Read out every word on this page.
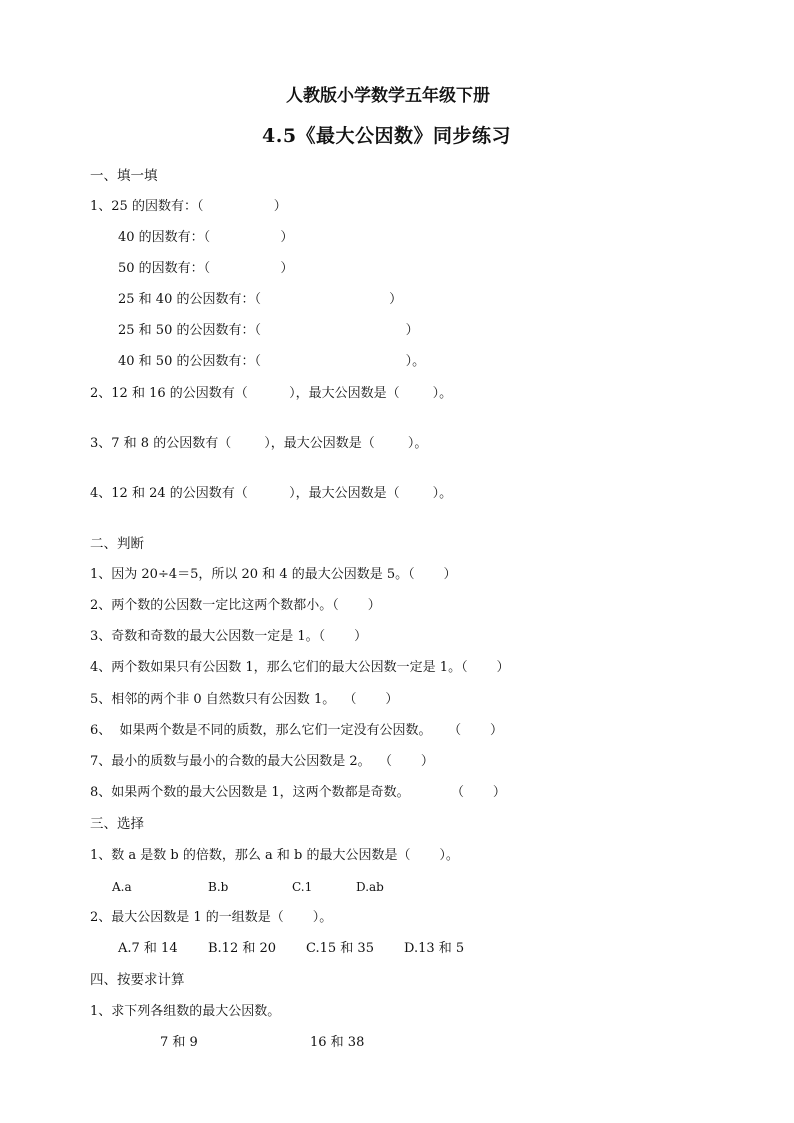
人教版小学数学五年级下册
4.5《最大公因数》同步练习
一、填一填
1、25 的因数有：（                 ）
40 的因数有：（                 ）
50 的因数有：（                 ）
25 和 40 的公因数有：（                               ）
25 和 50 的公因数有：（                                   ）
40 和 50 的公因数有：（                                   ）。
2、12 和 16 的公因数有（          ），最大公因数是（        ）。
3、7 和 8 的公因数有（        ），最大公因数是（        ）。
4、12 和 24 的公因数有（          ），最大公因数是（        ）。
二、判断
1、因为 20÷4＝5，所以 20 和 4 的最大公因数是 5。（       ）
2、两个数的公因数一定比这两个数都小。（       ）
3、奇数和奇数的最大公因数一定是 1。（       ）
4、两个数如果只有公因数 1，那么它们的最大公因数一定是 1。（       ）
5、相邻的两个非 0 自然数只有公因数 1。  （       ）
6、  如果两个数是不同的质数，那么它们一定没有公因数。    （       ）
7、最小的质数与最小的合数的最大公因数是 2。  （       ）
8、如果两个数的最大公因数是 1，这两个数都是奇数。          （       ）
三、选择
1、数 a 是数 b 的倍数，那么 a 和 b 的最大公因数是（       ）。
A.a	B.b	C.1	D.ab
2、最大公因数是 1 的一组数是（       ）。
A.7 和 14 B.12 和 20 C.15 和 35 D.13 和 5
四、按要求计算
1、求下列各组数的最大公因数。
7 和 9	16 和 38
